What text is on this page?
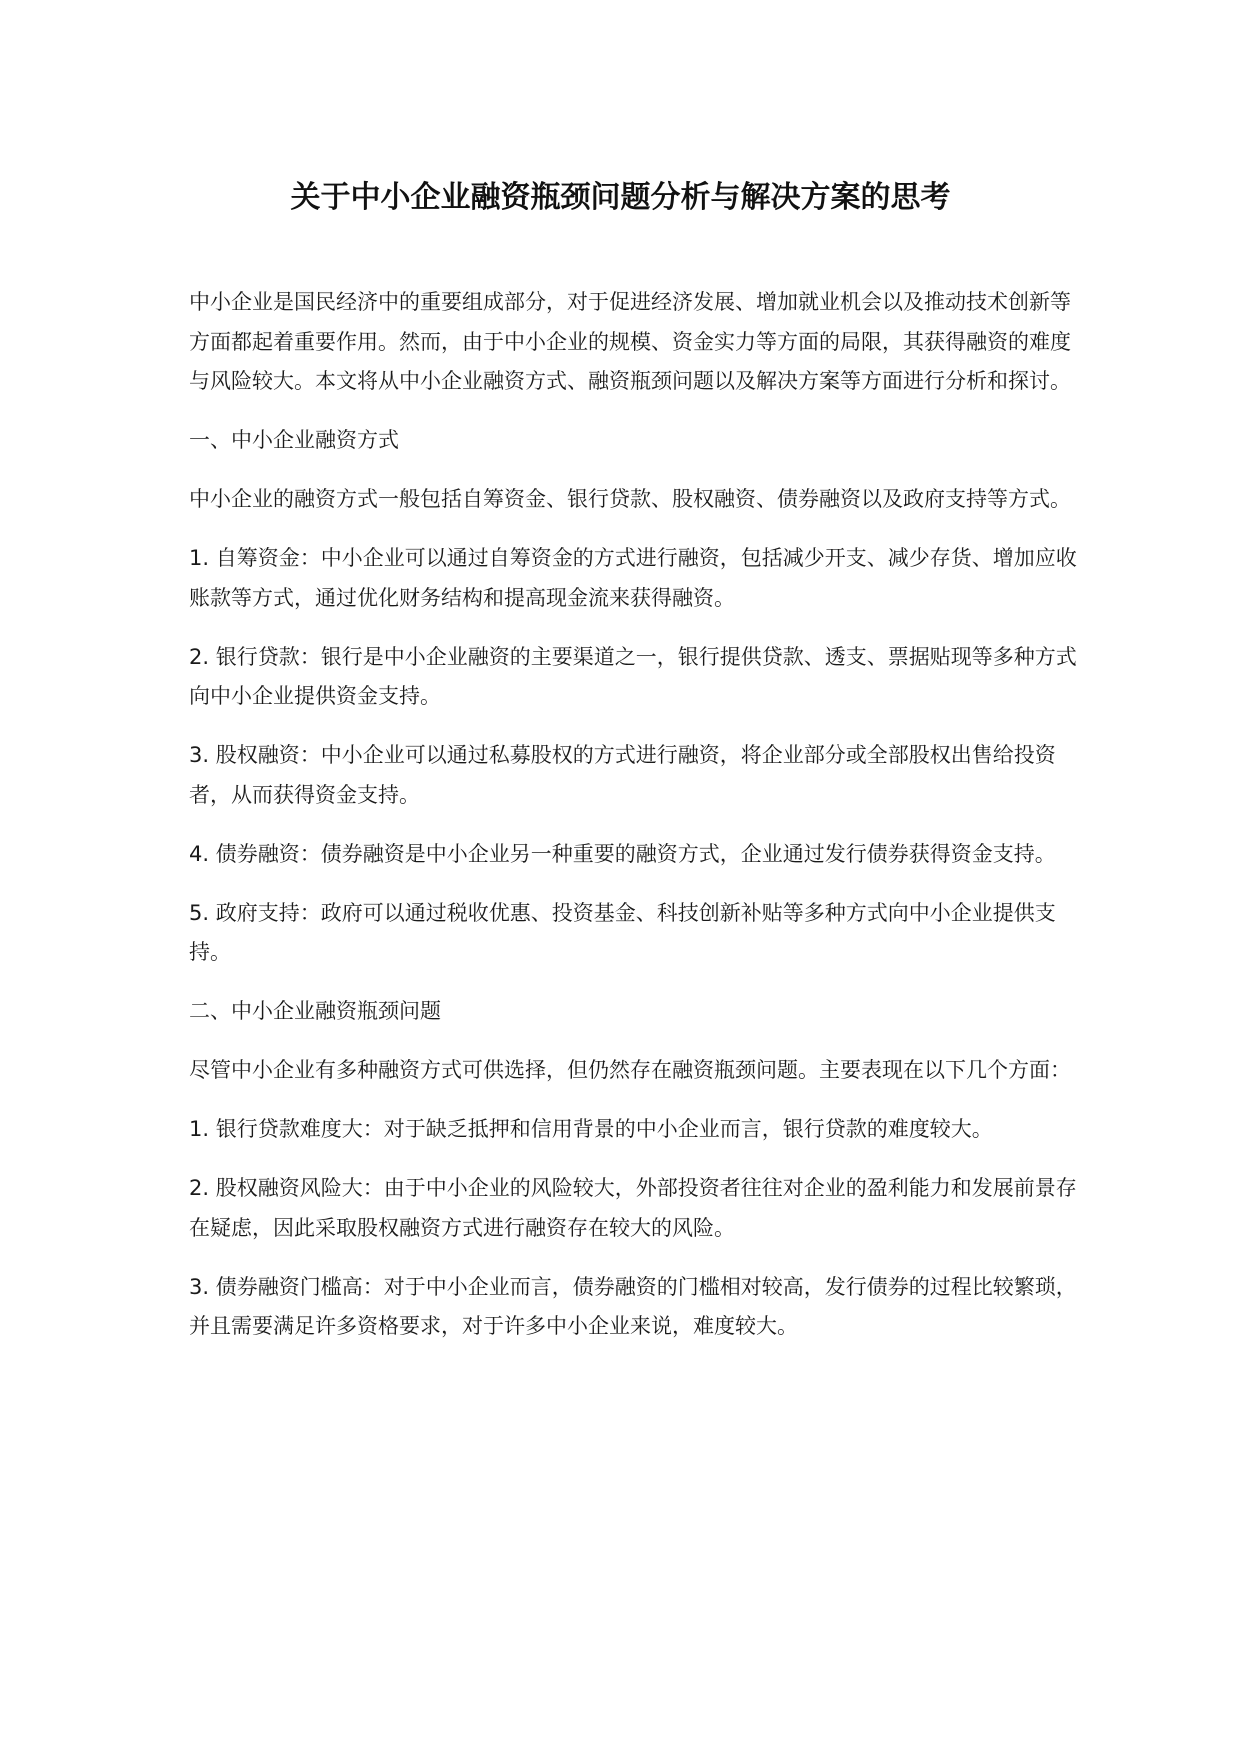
关于中小企业融资瓶颈问题分析与解决方案的思考

中小企业是国民经济中的重要组成部分，对于促进经济发展、增加就业机会以及推动技术创新等方面都起着重要作用。然而，由于中小企业的规模、资金实力等方面的局限，其获得融资的难度与风险较大。本文将从中小企业融资方式、融资瓶颈问题以及解决方案等方面进行分析和探讨。

一、中小企业融资方式

中小企业的融资方式一般包括自筹资金、银行贷款、股权融资、债券融资以及政府支持等方式。

1. 自筹资金：中小企业可以通过自筹资金的方式进行融资，包括减少开支、减少存货、增加应收账款等方式，通过优化财务结构和提高现金流来获得融资。

2. 银行贷款：银行是中小企业融资的主要渠道之一，银行提供贷款、透支、票据贴现等多种方式向中小企业提供资金支持。

3. 股权融资：中小企业可以通过私募股权的方式进行融资，将企业部分或全部股权出售给投资者，从而获得资金支持。

4. 债券融资：债券融资是中小企业另一种重要的融资方式，企业通过发行债券获得资金支持。

5. 政府支持：政府可以通过税收优惠、投资基金、科技创新补贴等多种方式向中小企业提供支持。

二、中小企业融资瓶颈问题

尽管中小企业有多种融资方式可供选择，但仍然存在融资瓶颈问题。主要表现在以下几个方面：

1. 银行贷款难度大：对于缺乏抵押和信用背景的中小企业而言，银行贷款的难度较大。

2. 股权融资风险大：由于中小企业的风险较大，外部投资者往往对企业的盈利能力和发展前景存在疑虑，因此采取股权融资方式进行融资存在较大的风险。

3. 债券融资门槛高：对于中小企业而言，债券融资的门槛相对较高，发行债券的过程比较繁琐，并且需要满足许多资格要求，对于许多中小企业来说，难度较大。
